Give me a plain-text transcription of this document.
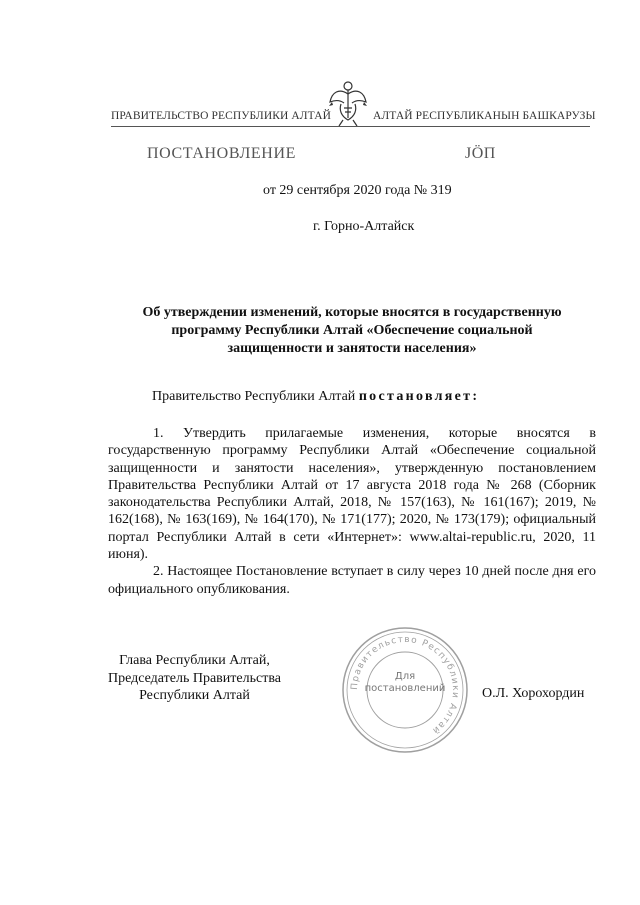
ПРАВИТЕЛЬСТВО РЕСПУБЛИКИ АЛТАЙ	АЛТАЙ РЕСПУБЛИКАНЫН БАШКАРУЗЫ
ПОСТАНОВЛЕНИЕ	JÖП
от 29 сентября 2020 года № 319
г. Горно-Алтайск
Об утверждении изменений, которые вносятся в государственную
программу Республики Алтай «Обеспечение социальной
защищенности и занятости населения»
Правительство Республики Алтай постановляет:

1. Утвердить прилагаемые изменения, которые вносятся в государственную программу Республики Алтай «Обеспечение социальной защищенности и занятости населения», утвержденную постановлением Правительства Республики Алтай от 17 августа 2018 года № 268 (Сборник законодательства Республики Алтай, 2018, № 157(163), № 161(167); 2019, № 162(168), № 163(169), № 164(170), № 171(177); 2020, № 173(179); официальный портал Республики Алтай в сети «Интернет»: www.altai-republic.ru, 2020, 11 июня).

2. Настоящее Постановление вступает в силу через 10 дней после дня его официального опубликования.

Правительство Республики Алтай
Для постановлений
Глава Республики Алтай,
Председатель Правительства
Республики Алтай	О.Л. Хорохордин
